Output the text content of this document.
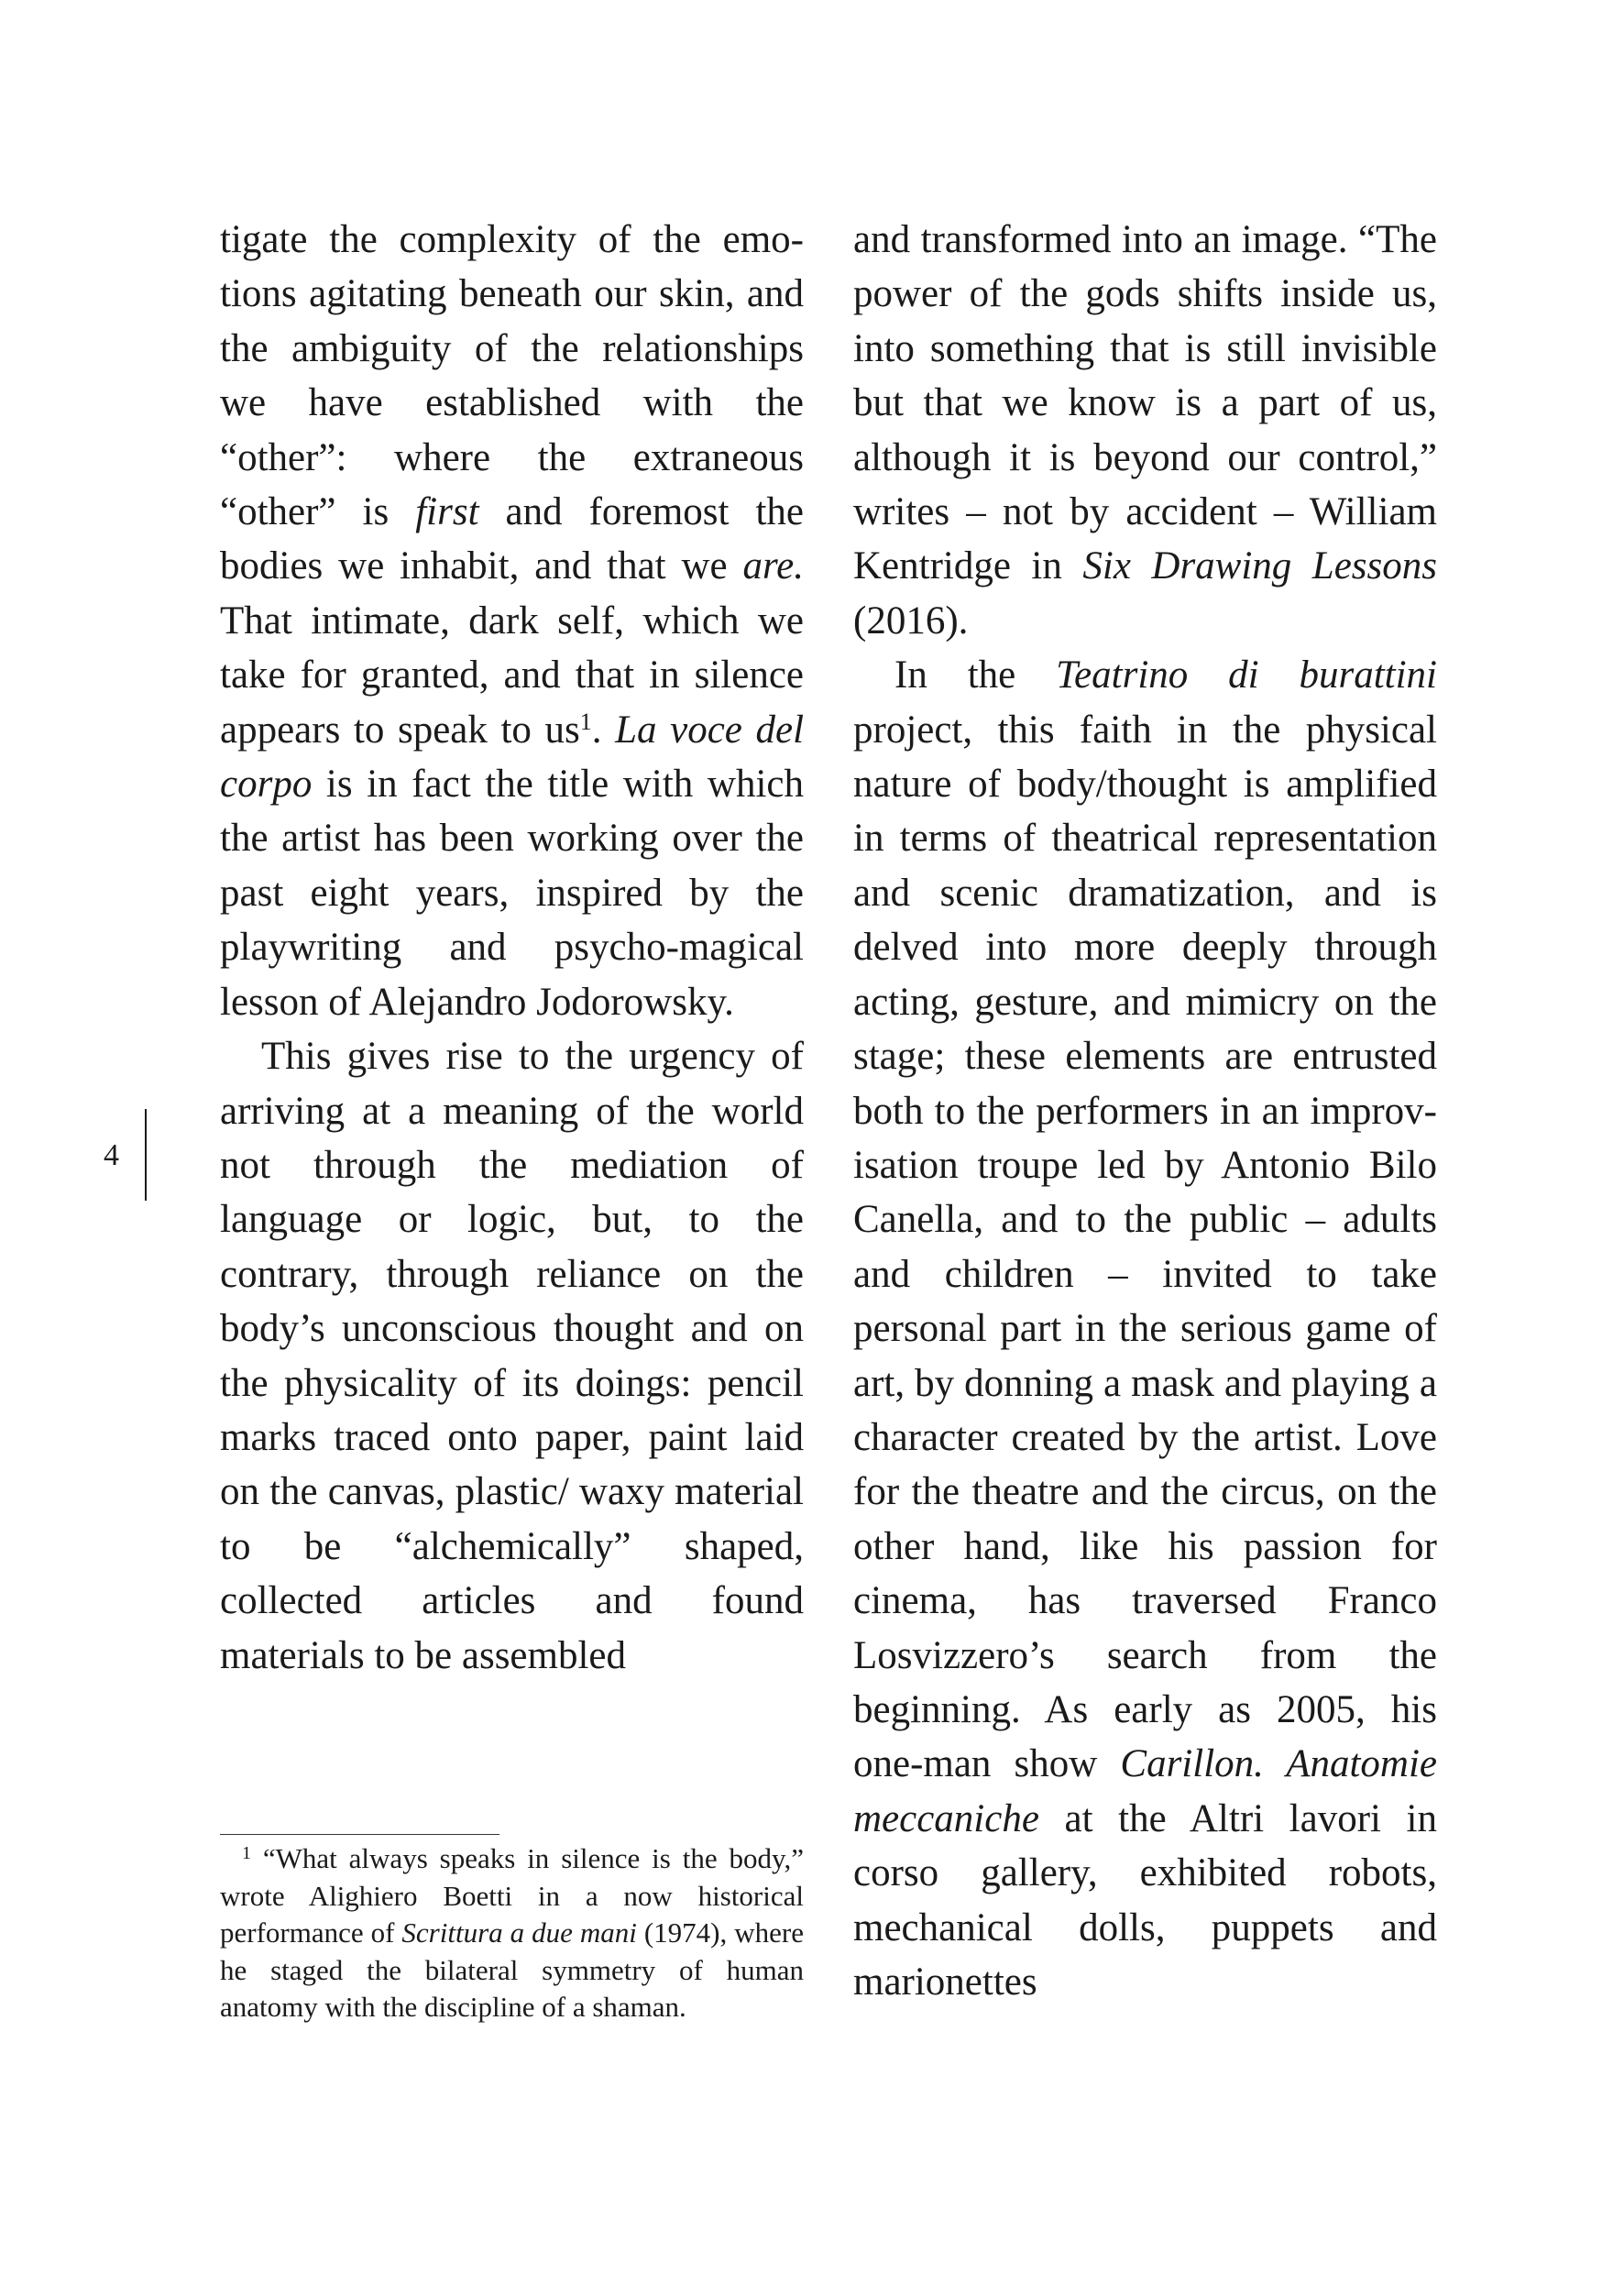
4

tigate the complexity of the emotions agitating beneath our skin, and the ambiguity of the relationships we have established with the “other”: where the extraneous “other” is first and foremost the bodies we inhabit, and that we are. That intimate, dark self, which we take for granted, and that in silence appears to speak to $us^1$. La voce del corpo is in fact the title with which the artist has been working over the past eight years, inspired by the playwriting and psycho-magical lesson of Alejandro Jodorowsky.

This gives rise to the urgency of arriving at a meaning of the world not through the mediation of language or logic, but, to the contrary, through reliance on the body’s unconscious thought and on the physicality of its doings: pencil marks traced onto paper, paint laid on the canvas, plastic/ waxy material to be “alchemically” shaped, collected articles and found materials to be assembled

and transformed into an image. “The power of the gods shifts inside us, into something that is still invisible but that we know is a part of us, although it is beyond our control,” writes – not by accident – William Kentridge in Six Drawing Lessons (2016).

In the Teatrino di burattini project, this faith in the physical nature of body/thought is amplified in terms of theatrical representation and scenic dramatization, and is delved into more deeply through acting, gesture, and mimicry on the stage; these elements are entrusted both to the performers in an improvisation troupe led by Antonio Bilo Canella, and to the public – adults and children – invited to take personal part in the serious game of art, by donning a mask and playing a character created by the artist. Love for the theatre and the circus, on the other hand, like his passion for cinema, has traversed Franco Losvizzero’s search from the beginning. As early as 2005, his one-man show Carillon. Anatomie meccaniche at the Altri lavori in corso gallery, exhibited robots, mechanical dolls, puppets and marionettes

$^1$ “What always speaks in silence is the body,” wrote Alighiero Boetti in a now historical performance of Scrittura a due mani (1974), where he staged the bilateral symmetry of human anatomy with the discipline of a shaman.
